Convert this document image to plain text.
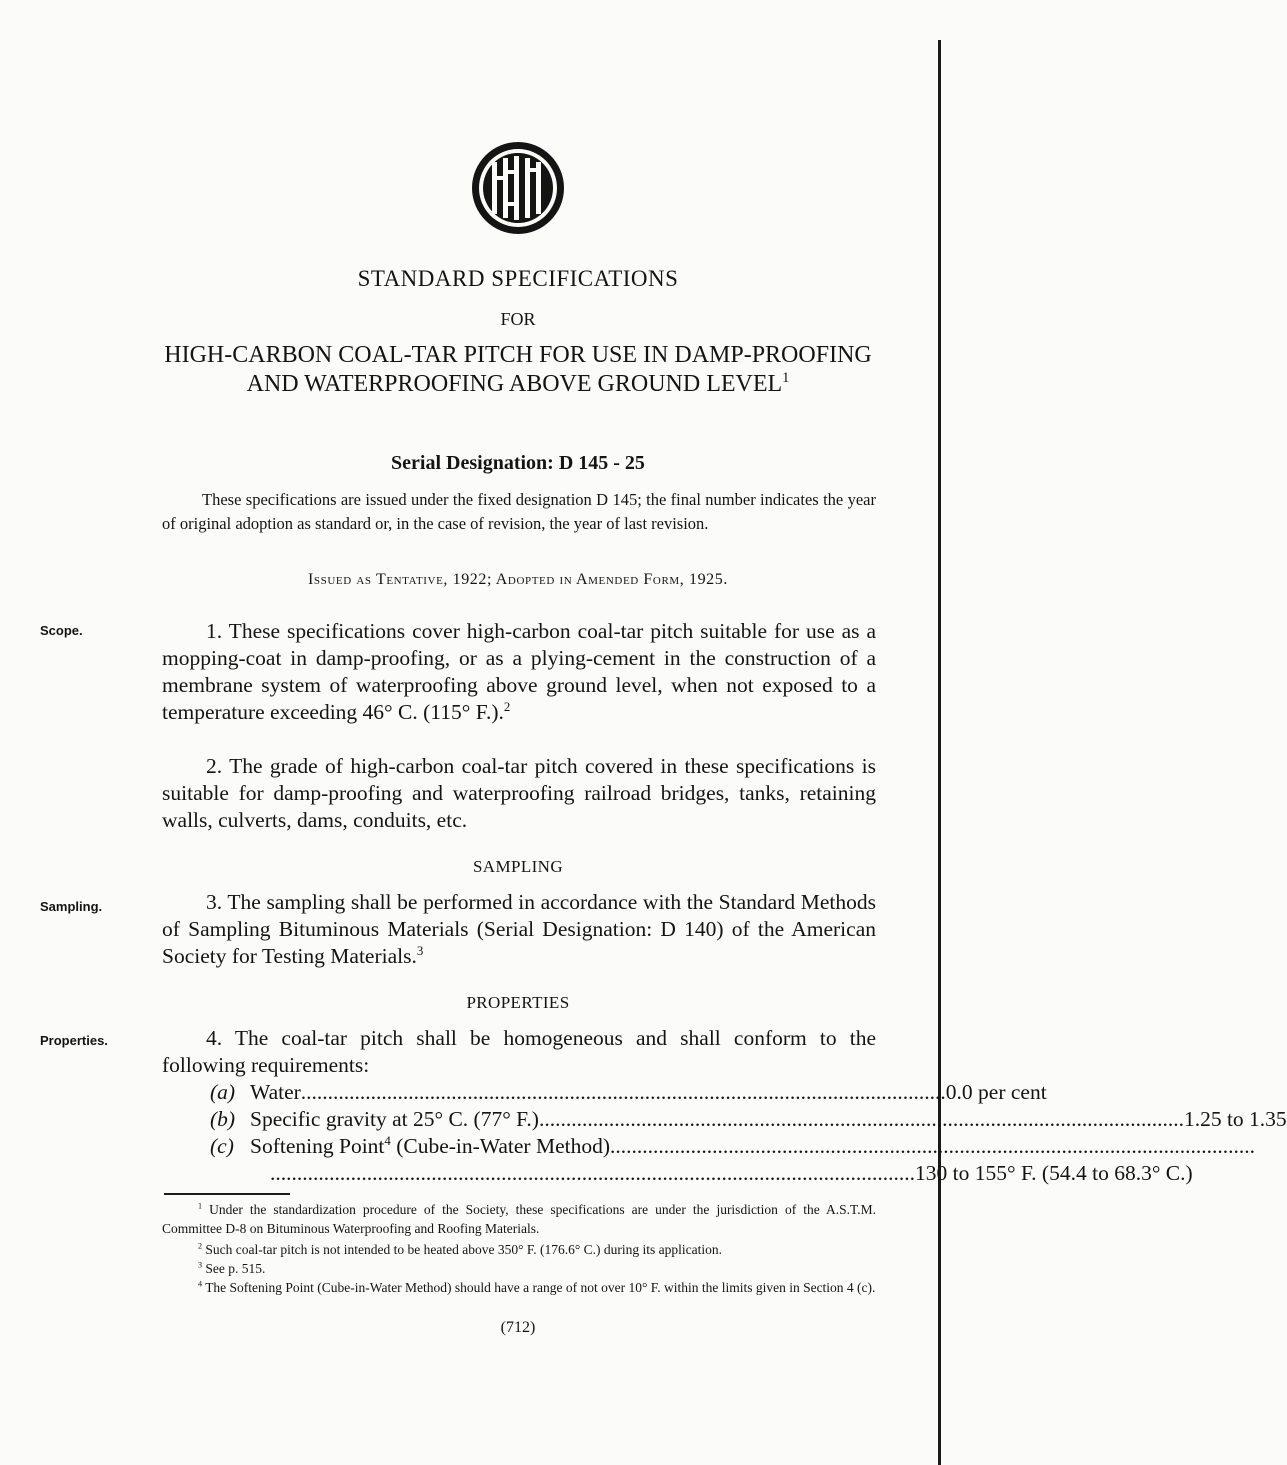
STANDARD SPECIFICATIONS
FOR
HIGH-CARBON COAL-TAR PITCH FOR USE IN DAMP-PROOFING AND WATERPROOFING ABOVE GROUND LEVEL$^1$
Serial Designation: D 145 - 25
These specifications are issued under the fixed designation D 145; the final number indicates the year of original adoption as standard or, in the case of revision, the year of last revision.
Issued as Tentative, 1922; Adopted in Amended Form, 1925.
Scope.	1. These specifications cover high-carbon coal-tar pitch suitable for use as a mopping-coat in damp-proofing, or as a plying-cement in the construction of a membrane system of waterproofing above ground level, when not exposed to a temperature exceeding 46° C. (115° F.).$^2$
2. The grade of high-carbon coal-tar pitch covered in these specifications is suitable for damp-proofing and waterproofing railroad bridges, tanks, retaining walls, culverts, dams, conduits, etc.
SAMPLING
Sampling.	3. The sampling shall be performed in accordance with the Standard Methods of Sampling Bituminous Materials (Serial Designation: D 140) of the American Society for Testing Materials.$^3$
PROPERTIES
Properties.	4. The coal-tar pitch shall be homogeneous and shall conform to the following requirements:
(a) Water ........................................................................................................................ 0.0 per cent
(b) Specific gravity at 25° C. (77° F.) ........................................................................................................................ 1.25 to 1.35
(c) Softening Point$^4$ (Cube-in-Water Method) ........................................................................................................................
........................................................................................................................ 130 to 155° F. (54.4 to 68.3° C.)
$^1$ Under the standardization procedure of the Society, these specifications are under the jurisdiction of the A.S.T.M. Committee D-8 on Bituminous Waterproofing and Roofing Materials.
$^2$ Such coal-tar pitch is not intended to be heated above 350° F. (176.6° C.) during its application.
$^3$ See p. 515.
$^4$ The Softening Point (Cube-in-Water Method) should have a range of not over 10° F. within the limits given in Section 4 (c).
(712)
